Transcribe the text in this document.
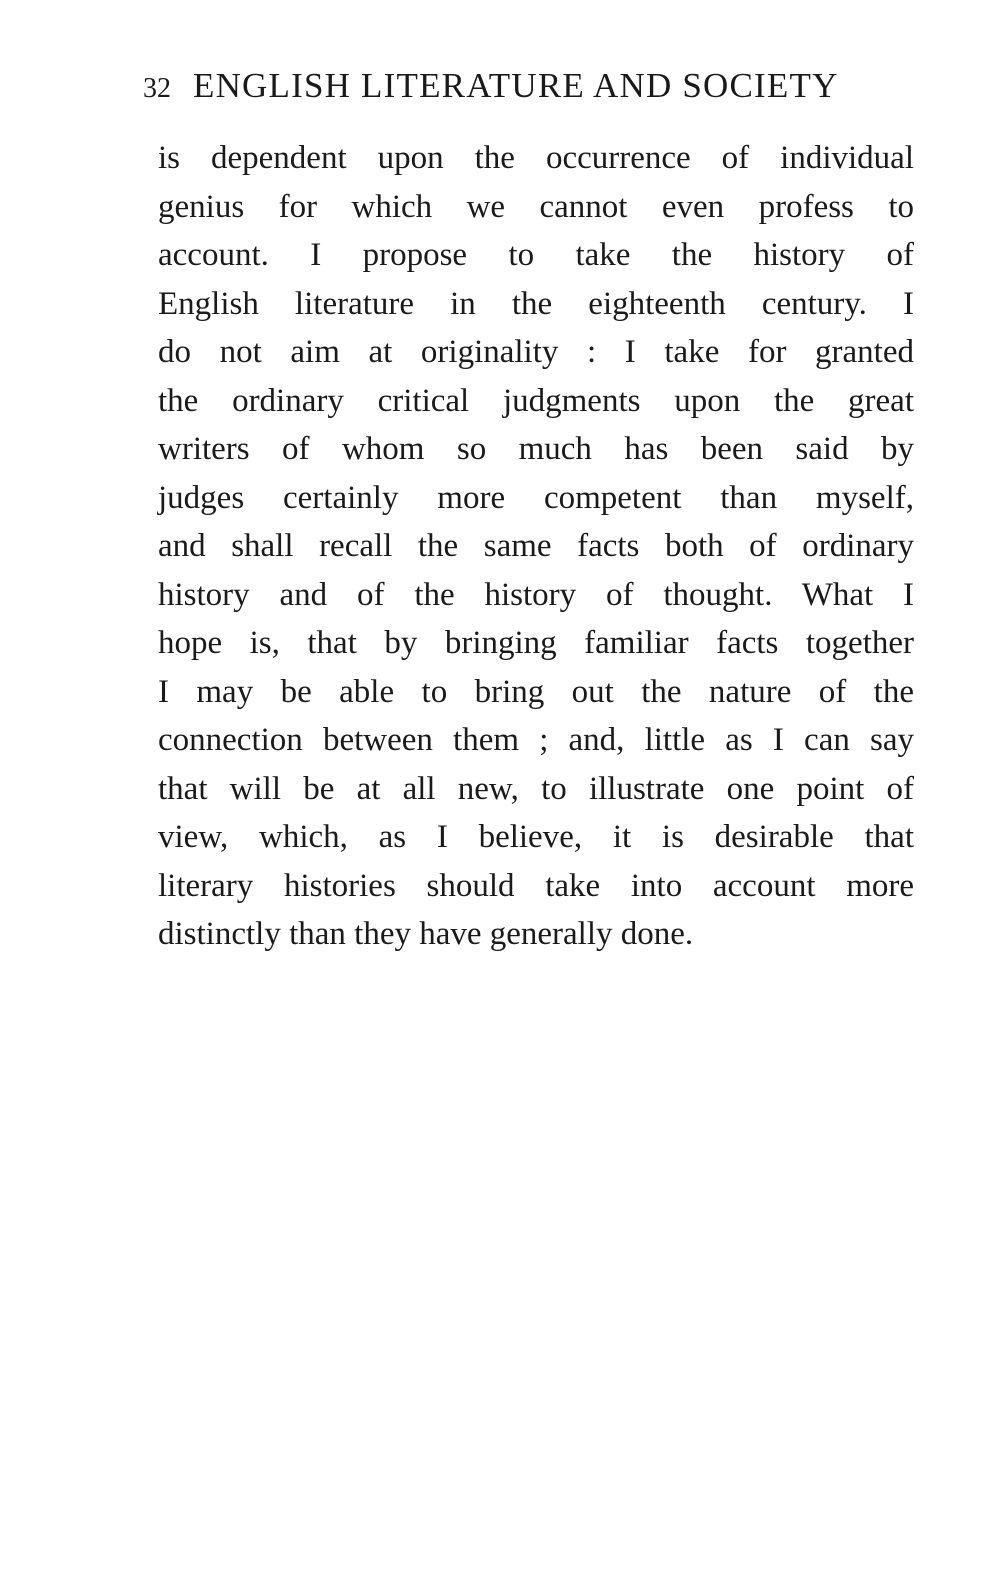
32 ENGLISH LITERATURE AND SOCIETY
is dependent upon the occurrence of individual
genius for which we cannot even profess to
account. I propose to take the history of
English literature in the eighteenth century. I
do not aim at originality : I take for granted
the ordinary critical judgments upon the great
writers of whom so much has been said by
judges certainly more competent than myself,
and shall recall the same facts both of ordinary
history and of the history of thought. What I
hope is, that by bringing familiar facts together
I may be able to bring out the nature of the
connection between them ; and, little as I can say
that will be at all new, to illustrate one point of
view, which, as I believe, it is desirable that
literary histories should take into account more
distinctly than they have generally done.
